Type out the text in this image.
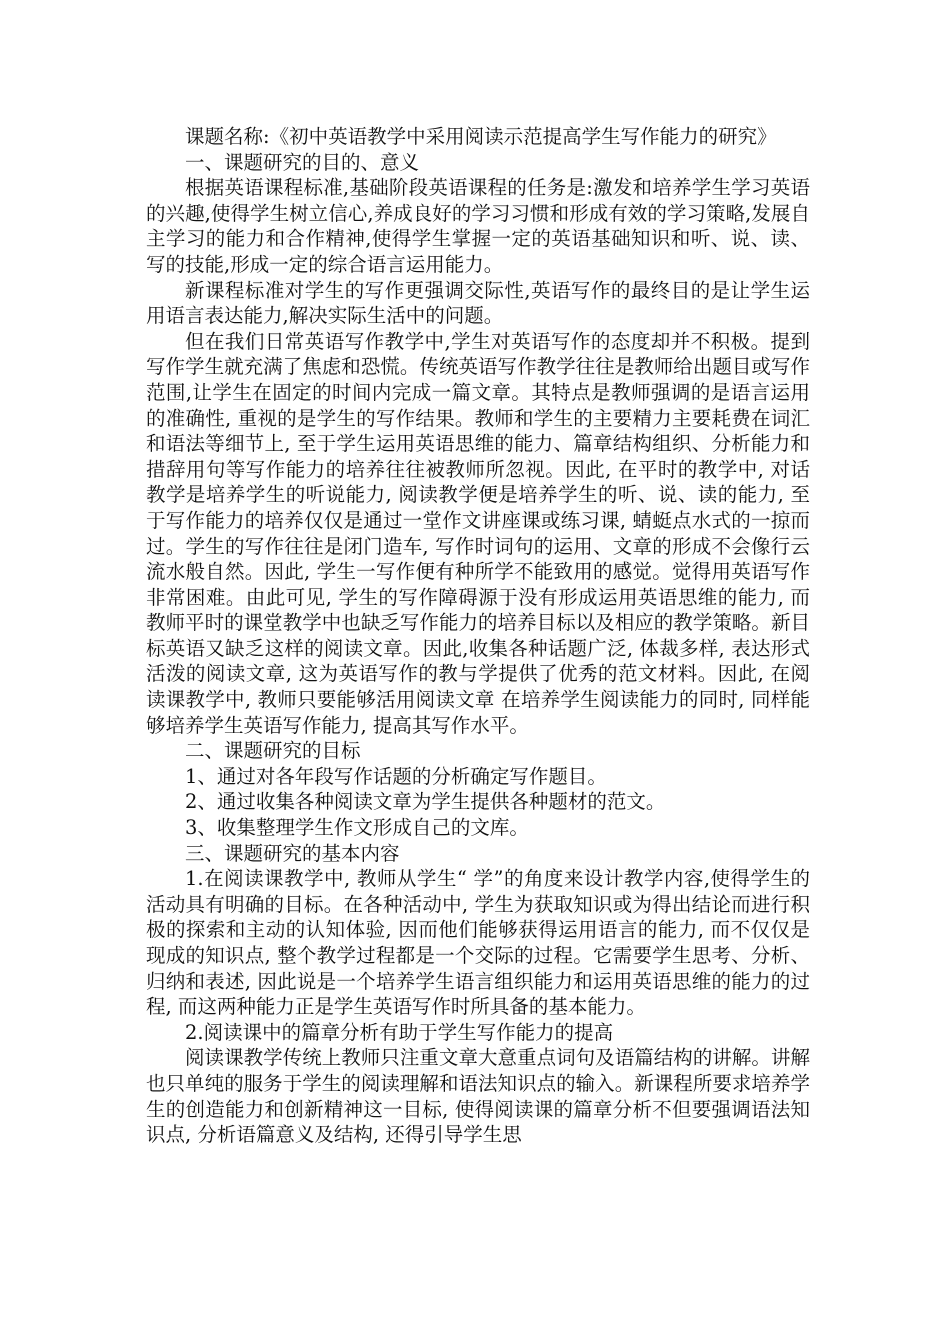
课题名称:《初中英语教学中采用阅读示范提高学生写作能力的研究》

一、课题研究的目的、意义

根据英语课程标准,基础阶段英语课程的任务是:激发和培养学生学习英语的兴趣,使得学生树立信心,养成良好的学习习惯和形成有效的学习策略,发展自主学习的能力和合作精神,使得学生掌握一定的英语基础知识和听、说、读、写的技能,形成一定的综合语言运用能力。

新课程标准对学生的写作更强调交际性,英语写作的最终目的是让学生运用语言表达能力,解决实际生活中的问题。

但在我们日常英语写作教学中,学生对英语写作的态度却并不积极。提到写作学生就充满了焦虑和恐慌。传统英语写作教学往往是教师给出题目或写作范围,让学生在固定的时间内完成一篇文章。其特点是教师强调的是语言运用的准确性, 重视的是学生的写作结果。教师和学生的主要精力主要耗费在词汇和语法等细节上, 至于学生运用英语思维的能力、篇章结构组织、分析能力和措辞用句等写作能力的培养往往被教师所忽视。因此, 在平时的教学中, 对话教学是培养学生的听说能力, 阅读教学便是培养学生的听、说、读的能力, 至于写作能力的培养仅仅是通过一堂作文讲座课或练习课, 蜻蜓点水式的一掠而过。学生的写作往往是闭门造车, 写作时词句的运用、文章的形成不会像行云流水般自然。因此, 学生一写作便有种所学不能致用的感觉。觉得用英语写作非常困难。由此可见, 学生的写作障碍源于没有形成运用英语思维的能力, 而教师平时的课堂教学中也缺乏写作能力的培养目标以及相应的教学策略。新目标英语又缺乏这样的阅读文章。因此,收集各种话题广泛, 体裁多样, 表达形式活泼的阅读文章, 这为英语写作的教与学提供了优秀的范文材料。因此, 在阅读课教学中, 教师只要能够活用阅读文章 在培养学生阅读能力的同时, 同样能够培养学生英语写作能力, 提高其写作水平。

二、课题研究的目标

1、通过对各年段写作话题的分析确定写作题目。

2、通过收集各种阅读文章为学生提供各种题材的范文。

3、收集整理学生作文形成自己的文库。

三、课题研究的基本内容

1.在阅读课教学中, 教师从学生“ 学”的角度来设计教学内容,使得学生的活动具有明确的目标。在各种活动中, 学生为获取知识或为得出结论而进行积极的探索和主动的认知体验, 因而他们能够获得运用语言的能力, 而不仅仅是现成的知识点, 整个教学过程都是一个交际的过程。它需要学生思考、分析、归纳和表述, 因此说是一个培养学生语言组织能力和运用英语思维的能力的过程, 而这两种能力正是学生英语写作时所具备的基本能力。

2.阅读课中的篇章分析有助于学生写作能力的提高

阅读课教学传统上教师只注重文章大意重点词句及语篇结构的讲解。讲解也只单纯的服务于学生的阅读理解和语法知识点的输入。新课程所要求培养学生的创造能力和创新精神这一目标, 使得阅读课的篇章分析不但要强调语法知识点, 分析语篇意义及结构, 还得引导学生思
